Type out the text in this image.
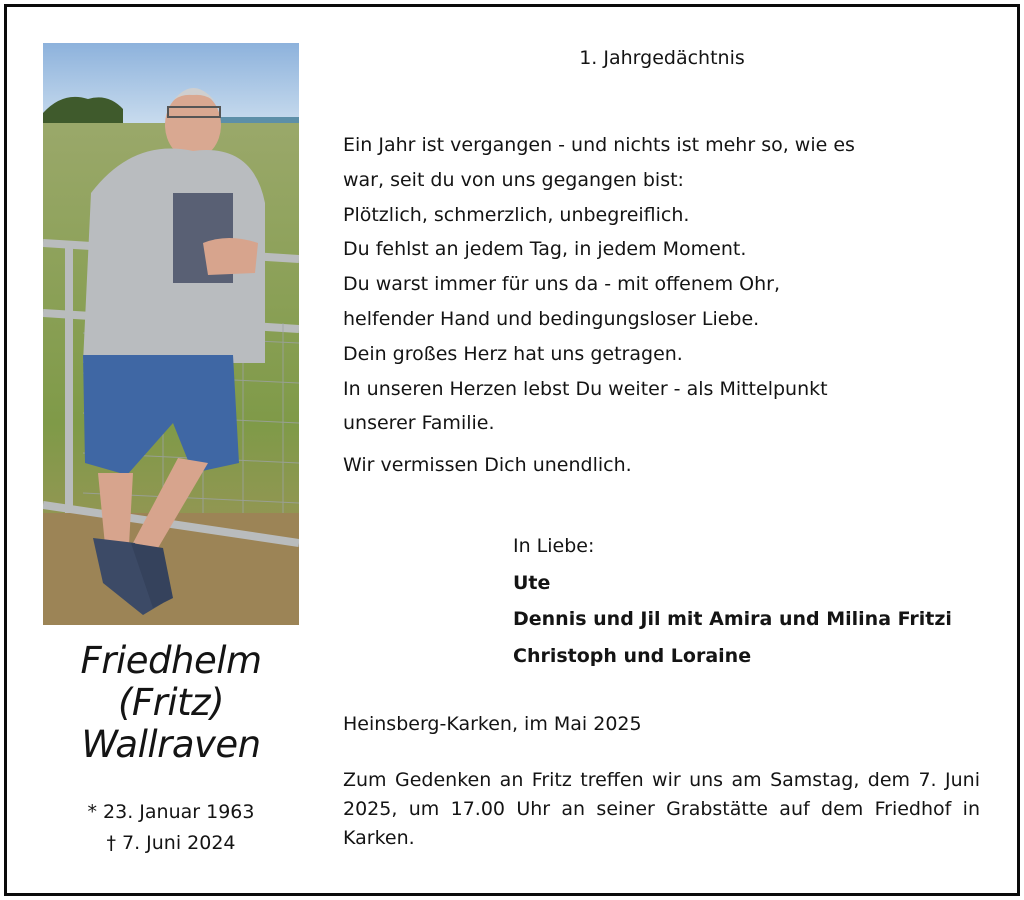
Friedhelm
(Fritz)
Wallraven
* 23. Januar 1963
† 7. Juni 2024
1. Jahrgedächtnis
Ein Jahr ist vergangen - und nichts ist mehr so, wie es
war, seit du von uns gegangen bist:
Plötzlich, schmerzlich, unbegreiflich.
Du fehlst an jedem Tag, in jedem Moment.
Du warst immer für uns da - mit offenem Ohr,
helfender Hand und bedingungsloser Liebe.
Dein großes Herz hat uns getragen.
In unseren Herzen lebst Du weiter - als Mittelpunkt
unserer Familie.
Wir vermissen Dich unendlich.
In Liebe:
Ute
Dennis und Jil mit Amira und Milina Fritzi
Christoph und Loraine
Heinsberg-Karken, im Mai 2025
Zum Gedenken an Fritz treffen wir uns am Samstag, dem 7. Juni 2025, um 17.00 Uhr an seiner Grabstätte auf dem Friedhof in Karken.
